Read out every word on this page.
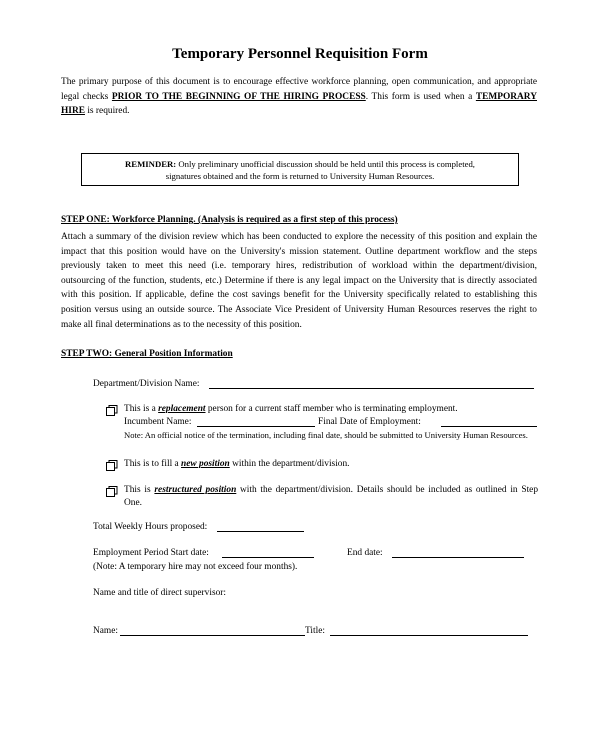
Temporary Personnel Requisition Form
The primary purpose of this document is to encourage effective workforce planning, open communication, and appropriate legal checks PRIOR TO THE BEGINNING OF THE HIRING PROCESS. This form is used when a TEMPORARY HIRE is required.
REMINDER: Only preliminary unofficial discussion should be held until this process is completed,
signatures obtained and the form is returned to University Human Resources.
STEP ONE: Workforce Planning. (Analysis is required as a first step of this process)
Attach a summary of the division review which has been conducted to explore the necessity of this position and explain the impact that this position would have on the University's mission statement. Outline department workflow and the steps previously taken to meet this need (i.e. temporary hires, redistribution of workload within the department/division, outsourcing of the function, students, etc.) Determine if there is any legal impact on the University that is directly associated with this position. If applicable, define the cost savings benefit for the University specifically related to establishing this position versus using an outside source. The Associate Vice President of University Human Resources reserves the right to make all final determinations as to the necessity of this position.
STEP TWO: General Position Information
Department/Division Name:
This is a replacement person for a current staff member who is terminating employment.
Incumbent Name:	Final Date of Employment:
Note: An official notice of the termination, including final date, should be submitted to University Human Resources.
This is to fill a new position within the department/division.
This is restructured position with the department/division. Details should be included as outlined in Step One.
Total Weekly Hours proposed:
Employment Period Start date:	End date:
(Note: A temporary hire may not exceed four months).
Name and title of direct supervisor:
Name:	Title:
